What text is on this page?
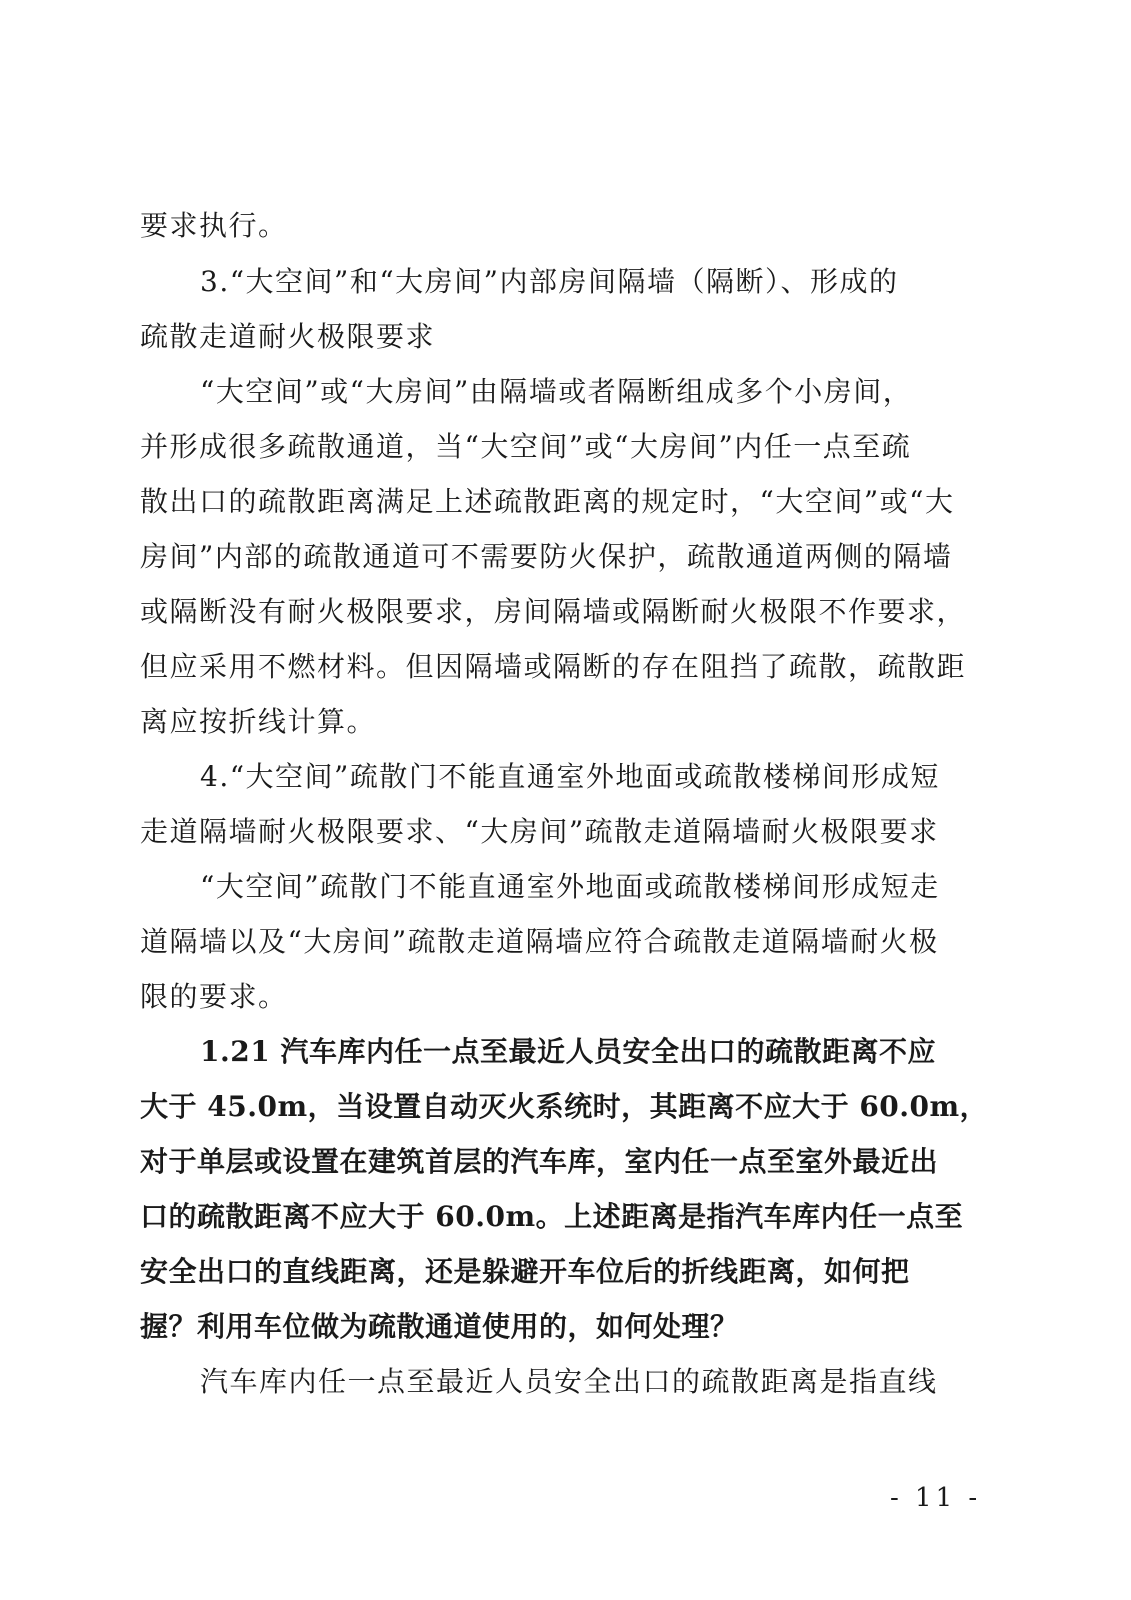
要求执行。
3.“大空间”和“大房间”内部房间隔墙（隔断）、形成的
疏散走道耐火极限要求
“大空间”或“大房间”由隔墙或者隔断组成多个小房间，
并形成很多疏散通道，当“大空间”或“大房间”内任一点至疏
散出口的疏散距离满足上述疏散距离的规定时，“大空间”或“大
房间”内部的疏散通道可不需要防火保护，疏散通道两侧的隔墙
或隔断没有耐火极限要求，房间隔墙或隔断耐火极限不作要求，
但应采用不燃材料。但因隔墙或隔断的存在阻挡了疏散，疏散距
离应按折线计算。
4.“大空间”疏散门不能直通室外地面或疏散楼梯间形成短
走道隔墙耐火极限要求、“大房间”疏散走道隔墙耐火极限要求
“大空间”疏散门不能直通室外地面或疏散楼梯间形成短走
道隔墙以及“大房间”疏散走道隔墙应符合疏散走道隔墙耐火极
限的要求。
1.21 汽车库内任一点至最近人员安全出口的疏散距离不应
大于 45.0m，当设置自动灭火系统时，其距离不应大于 60.0m，
对于单层或设置在建筑首层的汽车库，室内任一点至室外最近出
口的疏散距离不应大于 60.0m。上述距离是指汽车库内任一点至
安全出口的直线距离，还是躲避开车位后的折线距离，如何把
握？利用车位做为疏散通道使用的，如何处理？
汽车库内任一点至最近人员安全出口的疏散距离是指直线
- 11 -
